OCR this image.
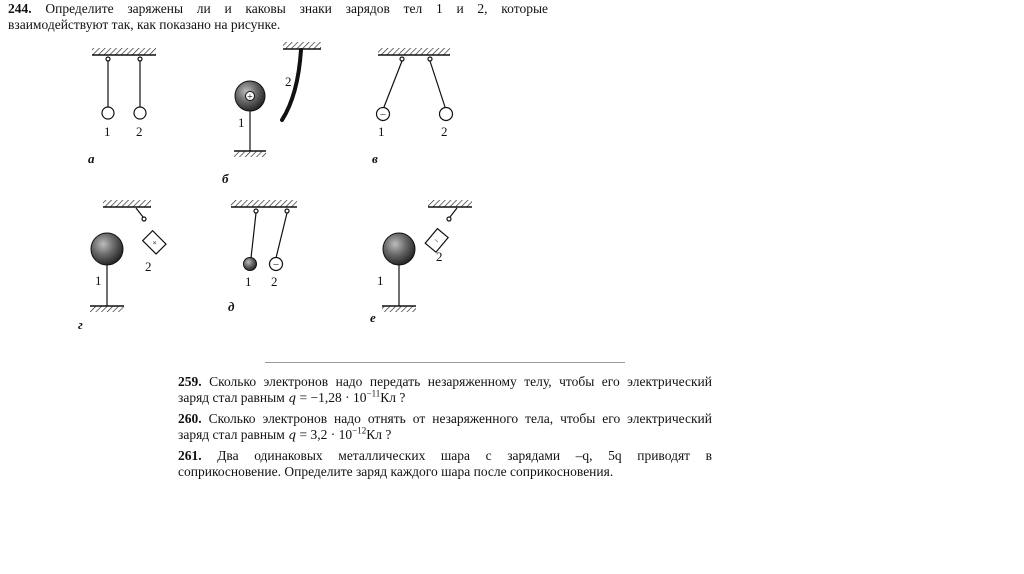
244. Определите заряжены ли и каковы знаки зарядов тел 1 и 2, которые
взаимодействуют так, как показано на рисунке.
1 2
а
2
+
1
б
−
1	2
в
+
2
1
г
−
1 2
д
−
2
1
е
259. Сколько электронов надо передать незаряженному телу, чтобы его электрический
заряд стал равным $q = -1,28 \cdot 10^{-11}Кл$ ?
260. Сколько электронов надо отнять от незаряженного тела, чтобы его электрический
заряд стал равным $q = 3,2 \cdot 10^{-12}Кл$ ?
261. Два одинаковых металлических шара с зарядами –q, 5q приводят в
соприкосновение. Определите заряд каждого шара после соприкосновения.
